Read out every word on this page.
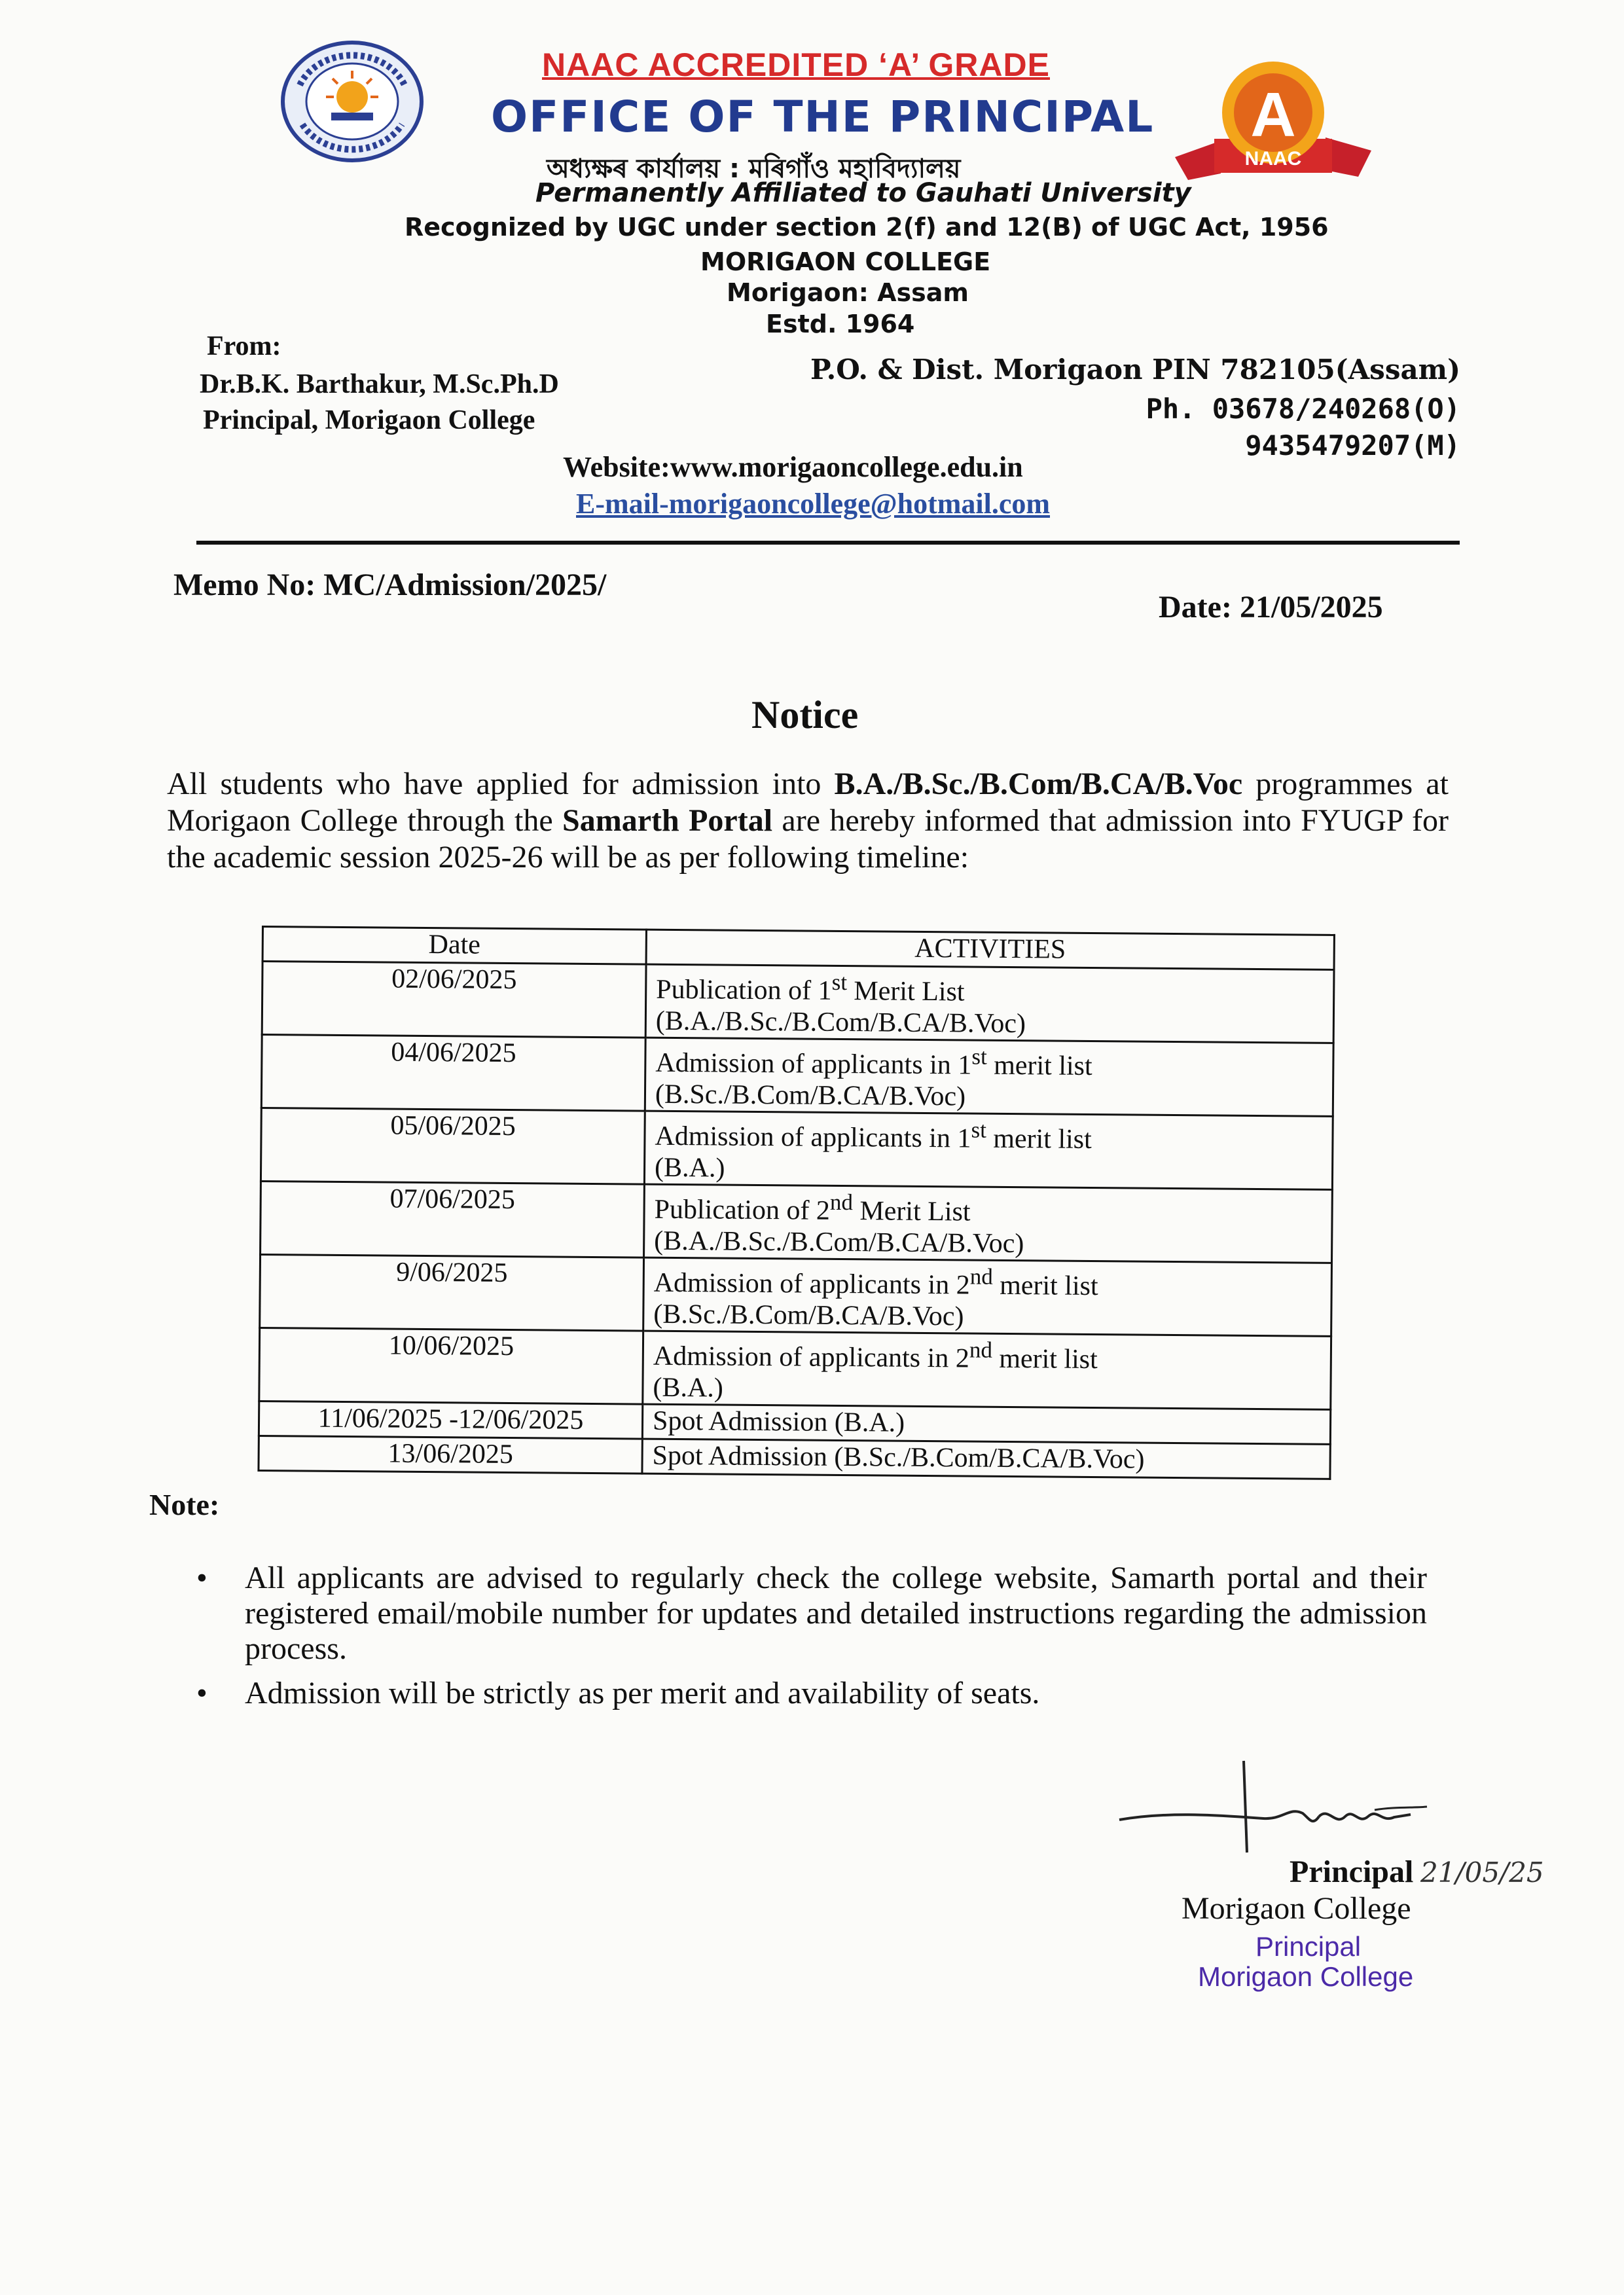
A
NAAC
NAAC ACCREDITED ‘A’ GRADE
OFFICE OF THE PRINCIPAL
অধ্যক্ষৰ কাৰ্যালয় : মৰিগাঁও মহাবিদ্যালয়
Permanently Affiliated to Gauhati University
Recognized by UGC under section 2(f) and 12(B) of UGC Act, 1956
MORIGAON COLLEGE
Morigaon: Assam
Estd. 1964
From:
Dr.B.K. Barthakur, M.Sc.Ph.D
Principal, Morigaon College
P.O. & Dist. Morigaon PIN 782105(Assam)
Ph. 03678/240268(O)
9435479207(M)
Website:www.morigaoncollege.edu.in
E-mail-morigaoncollege@hotmail.com
Memo No: MC/Admission/2025/
Date: 21/05/2025
Notice
All students who have applied for admission into B.A./B.Sc./B.Com/B.CA/B.Voc programmes at Morigaon College through the Samarth Portal are hereby informed that admission into FYUGP for the academic session 2025-26 will be as per following timeline:
Date	ACTIVITIES
02/06/2025	Publication of 1st Merit List
(B.A./B.Sc./B.Com/B.CA/B.Voc)
04/06/2025	Admission of applicants in 1st merit list
(B.Sc./B.Com/B.CA/B.Voc)
05/06/2025	Admission of applicants in 1st merit list
(B.A.)
07/06/2025	Publication of 2nd Merit List
(B.A./B.Sc./B.Com/B.CA/B.Voc)
9/06/2025	Admission of applicants in 2nd merit list
(B.Sc./B.Com/B.CA/B.Voc)
10/06/2025	Admission of applicants in 2nd merit list
(B.A.)
11/06/2025 -12/06/2025	Spot Admission (B.A.)
13/06/2025	Spot Admission (B.Sc./B.Com/B.CA/B.Voc)
Note:
• All applicants are advised to regularly check the college website, Samarth portal and their registered email/mobile number for updates and detailed instructions regarding the admission process.
• Admission will be strictly as per merit and availability of seats.
Principal 21/05/25
Morigaon College
Principal
Morigaon College
